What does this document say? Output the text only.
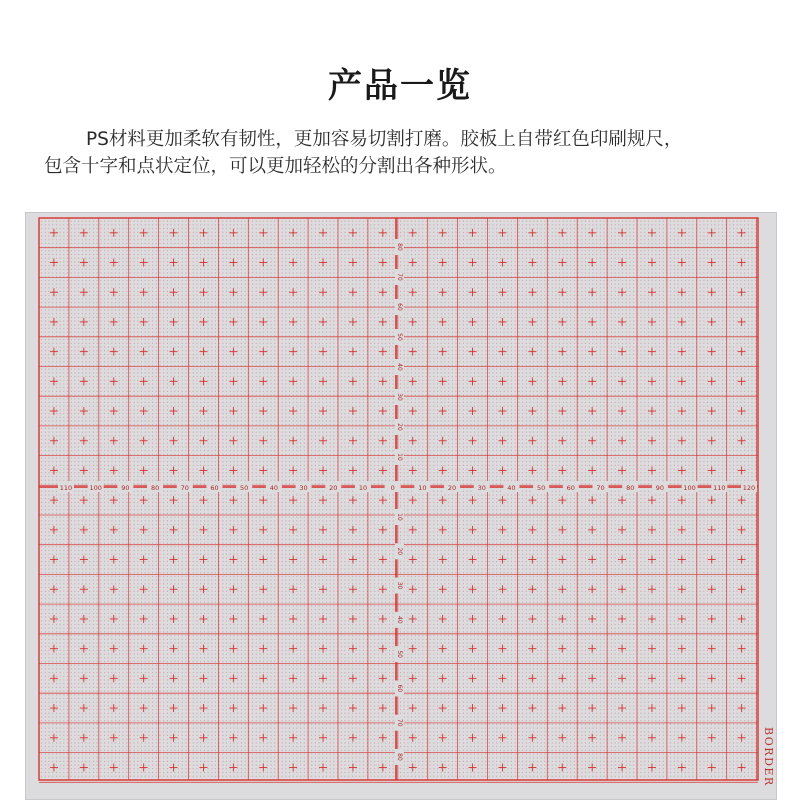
产品一览
PS材料更加柔软有韧性，更加容易切割打磨。胶板上自带红色印刷规尺，
包含十字和点状定位，可以更加轻松的分割出各种形状。
110	100	90	80	70	60	50	40	30	20	10	0	10	20	30	40	50	60	70	80	90	100	110	120
80
70
60
50
40
30
20
10
10
20
30
40
50
60
70
80	BORDER
